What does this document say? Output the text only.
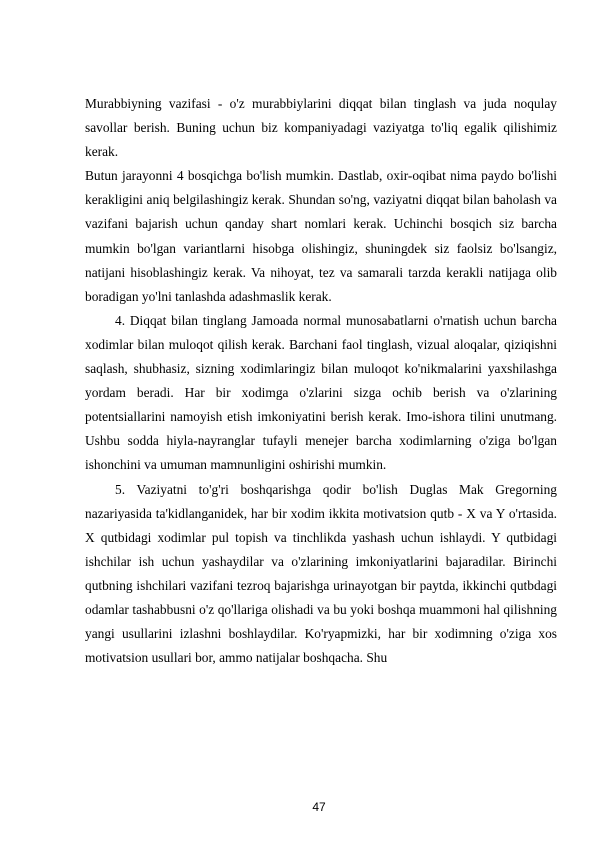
Murabbiyning vazifasi - o'z murabbiylarini diqqat bilan tinglash va juda noqulay savollar berish. Buning uchun biz kompaniyadagi vaziyatga to'liq egalik qilishimiz kerak.

Butun jarayonni 4 bosqichga bo'lish mumkin. Dastlab, oxir-oqibat nima paydo bo'lishi kerakligini aniq belgilashingiz kerak. Shundan so'ng, vaziyatni diqqat bilan baholash va vazifani bajarish uchun qanday shart nomlari kerak. Uchinchi bosqich siz barcha mumkin bo'lgan variantlarni hisobga olishingiz, shuningdek siz faolsiz bo'lsangiz, natijani hisoblashingiz kerak. Va nihoyat, tez va samarali tarzda kerakli natijaga olib boradigan yo'lni tanlashda adashmaslik kerak.

4. Diqqat bilan tinglang Jamoada normal munosabatlarni o'rnatish uchun barcha xodimlar bilan muloqot qilish kerak. Barchani faol tinglash, vizual aloqalar, qiziqishni saqlash, shubhasiz, sizning xodimlaringiz bilan muloqot ko'nikmalarini yaxshilashga yordam beradi. Har bir xodimga o'zlarini sizga ochib berish va o'zlarining potentsiallarini namoyish etish imkoniyatini berish kerak. Imo-ishora tilini unutmang. Ushbu sodda hiyla-nayranglar tufayli menejer barcha xodimlarning o'ziga bo'lgan ishonchini va umuman mamnunligini oshirishi mumkin.

5. Vaziyatni to'g'ri boshqarishga qodir bo'lish Duglas Mak Gregorning nazariyasida ta'kidlanganidek, har bir xodim ikkita motivatsion qutb - X va Y o'rtasida. X qutbidagi xodimlar pul topish va tinchlikda yashash uchun ishlaydi. Y qutbidagi ishchilar ish uchun yashaydilar va o'zlarining imkoniyatlarini bajaradilar. Birinchi qutbning ishchilari vazifani tezroq bajarishga urinayotgan bir paytda, ikkinchi qutbdagi odamlar tashabbusni o'z qo'llariga olishadi va bu yoki boshqa muammoni hal qilishning yangi usullarini izlashni boshlaydilar. Ko'ryapmizki, har bir xodimning o'ziga xos motivatsion usullari bor, ammo natijalar boshqacha. Shu

47
